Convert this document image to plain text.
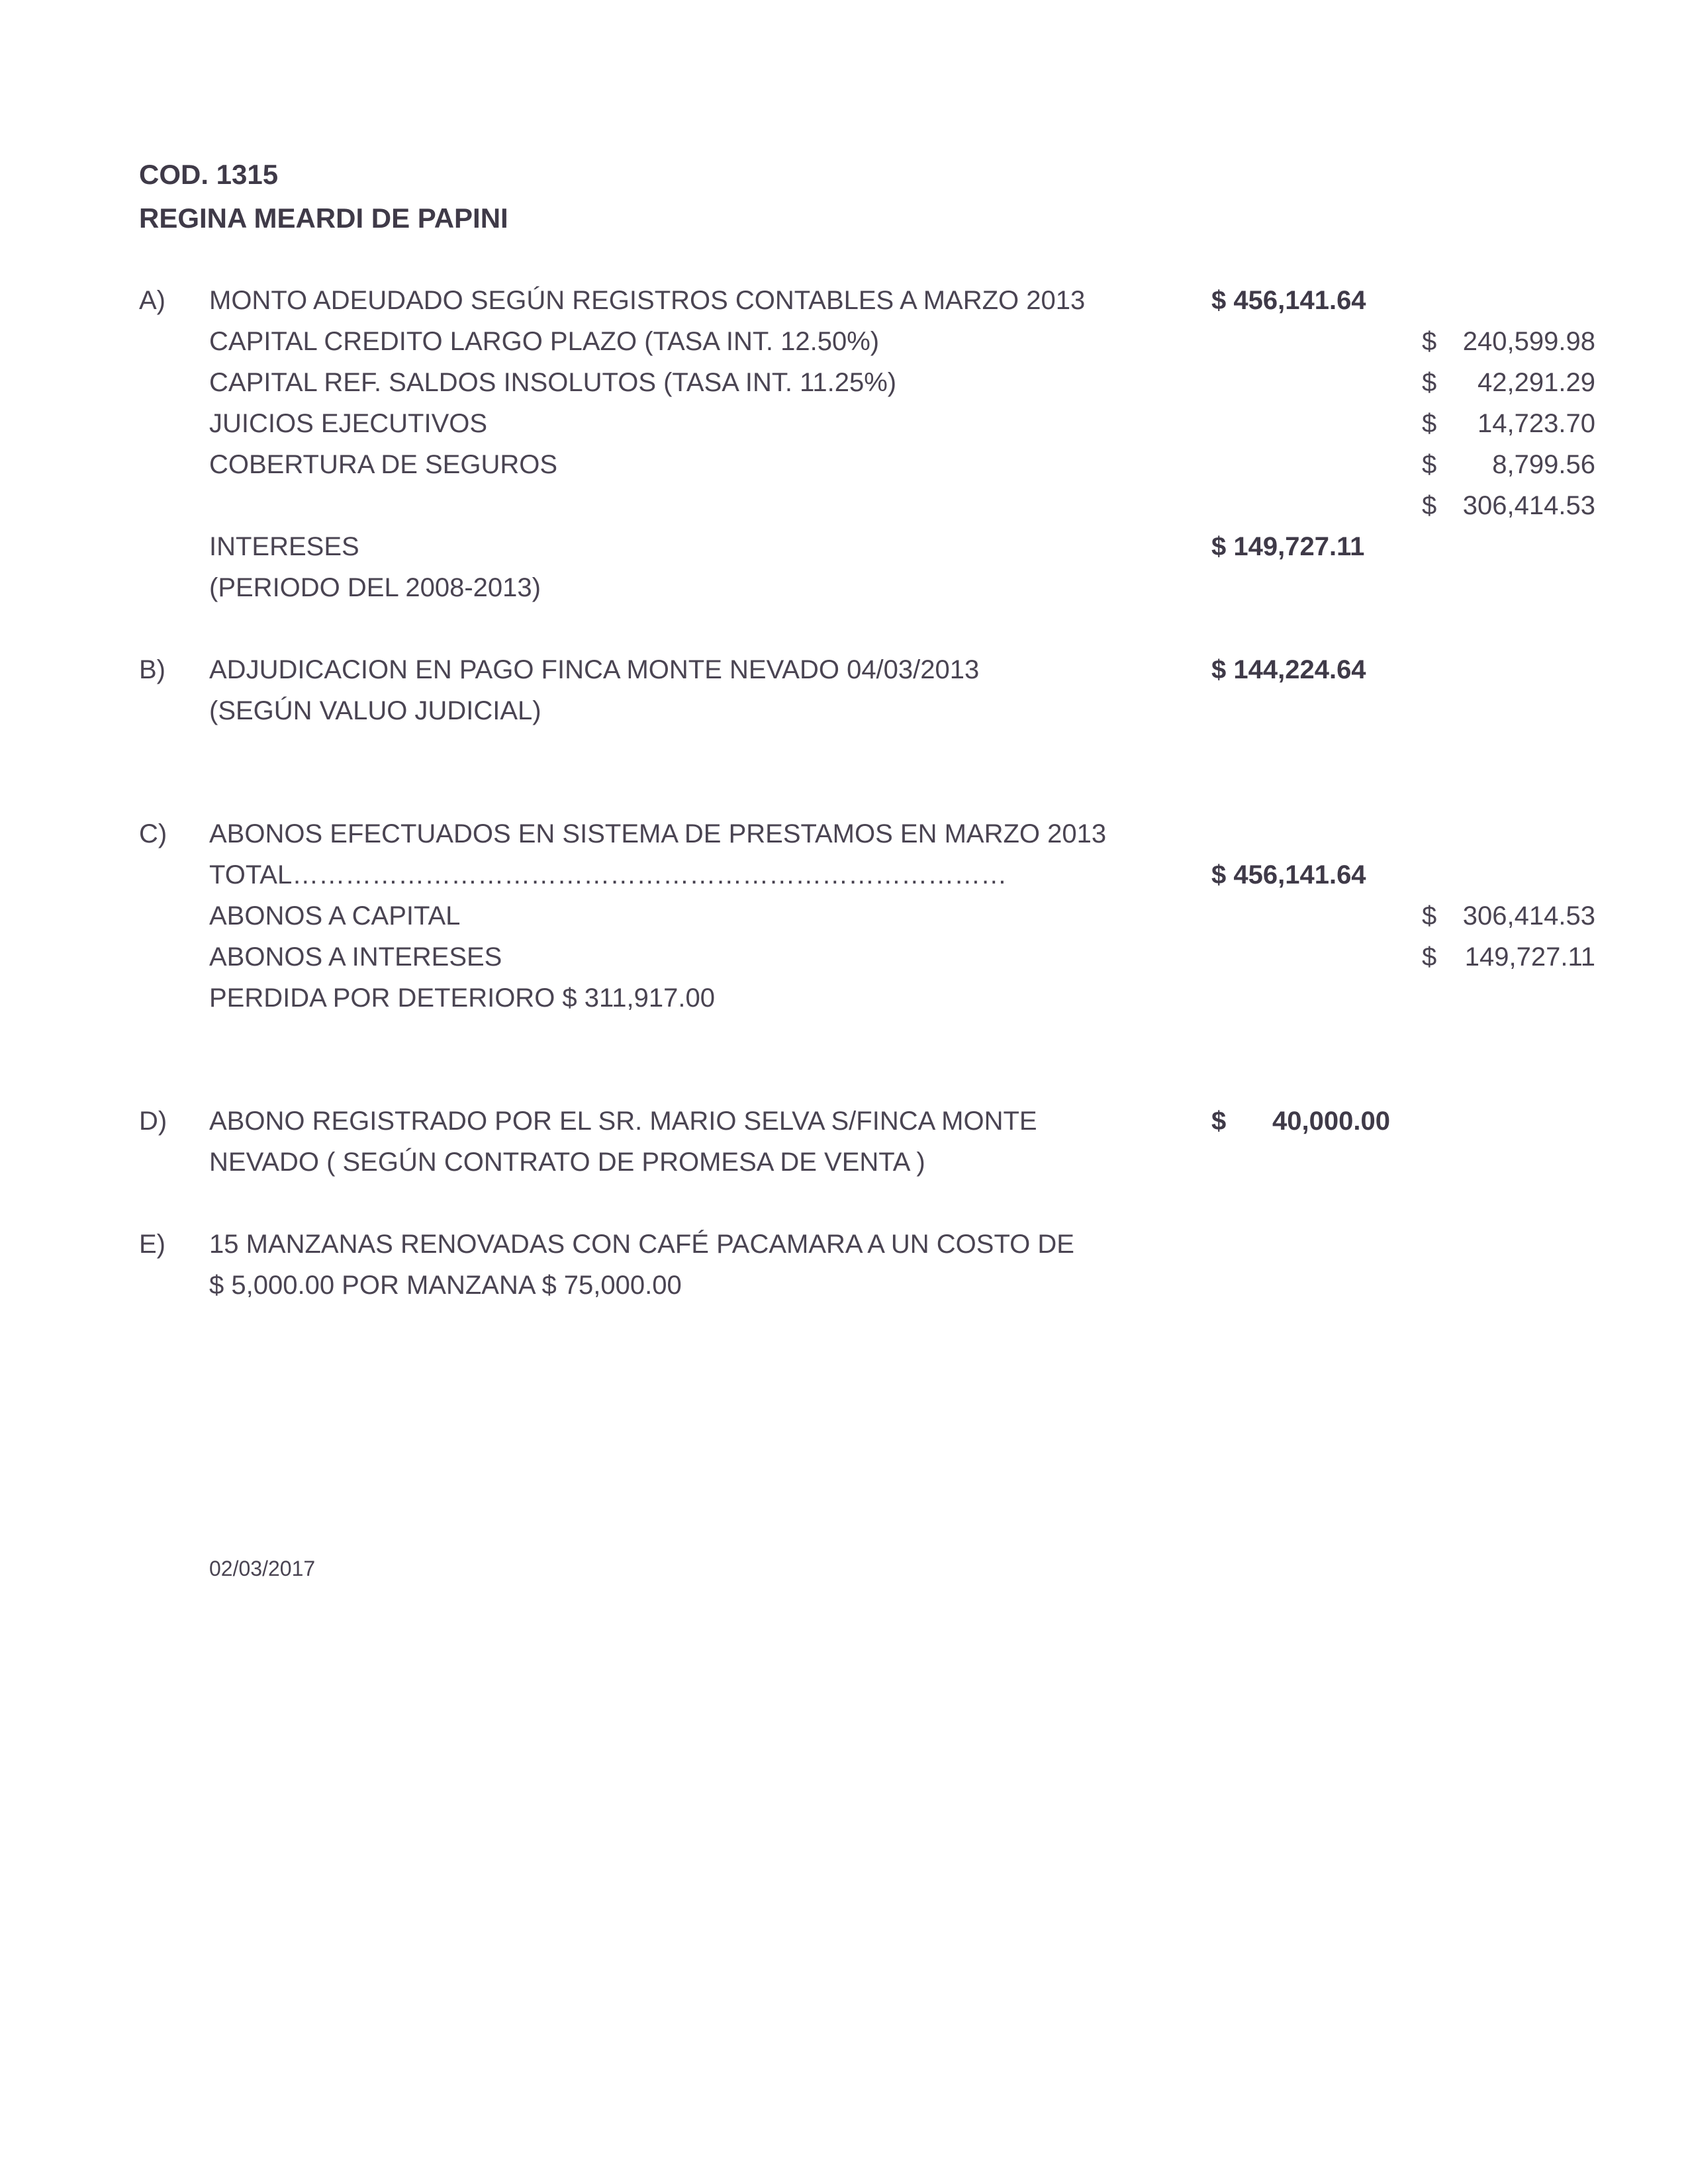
COD. 1315
REGINA MEARDI DE PAPINI
A) MONTO ADEUDADO SEGÚN REGISTROS CONTABLES A MARZO 2013	$ 456,141.64
CAPITAL CREDITO LARGO PLAZO (TASA INT. 12.50%)	$ 240,599.98
CAPITAL REF. SALDOS INSOLUTOS (TASA INT. 11.25%)	$ 42,291.29
JUICIOS EJECUTIVOS	$ 14,723.70
COBERTURA DE SEGUROS	$ 8,799.56
$ 306,414.53
INTERESES	$ 149,727.11
(PERIODO DEL 2008-2013)
B) ADJUDICACION EN PAGO FINCA MONTE NEVADO 04/03/2013	$ 144,224.64
(SEGÚN VALUO JUDICIAL)
C) ABONOS EFECTUADOS EN SISTEMA DE PRESTAMOS EN MARZO 2013
TOTAL………………………………………………………………………	$ 456,141.64
ABONOS A CAPITAL	$ 306,414.53
ABONOS A INTERESES	$ 149,727.11
PERDIDA POR DETERIORO $ 311,917.00
D) ABONO REGISTRADO POR EL SR. MARIO SELVA S/FINCA MONTE	$ 40,000.00
NEVADO ( SEGÚN CONTRATO DE PROMESA DE VENTA )
E) 15 MANZANAS RENOVADAS CON CAFÉ PACAMARA A UN COSTO DE
$ 5,000.00 POR MANZANA $ 75,000.00
02/03/2017
